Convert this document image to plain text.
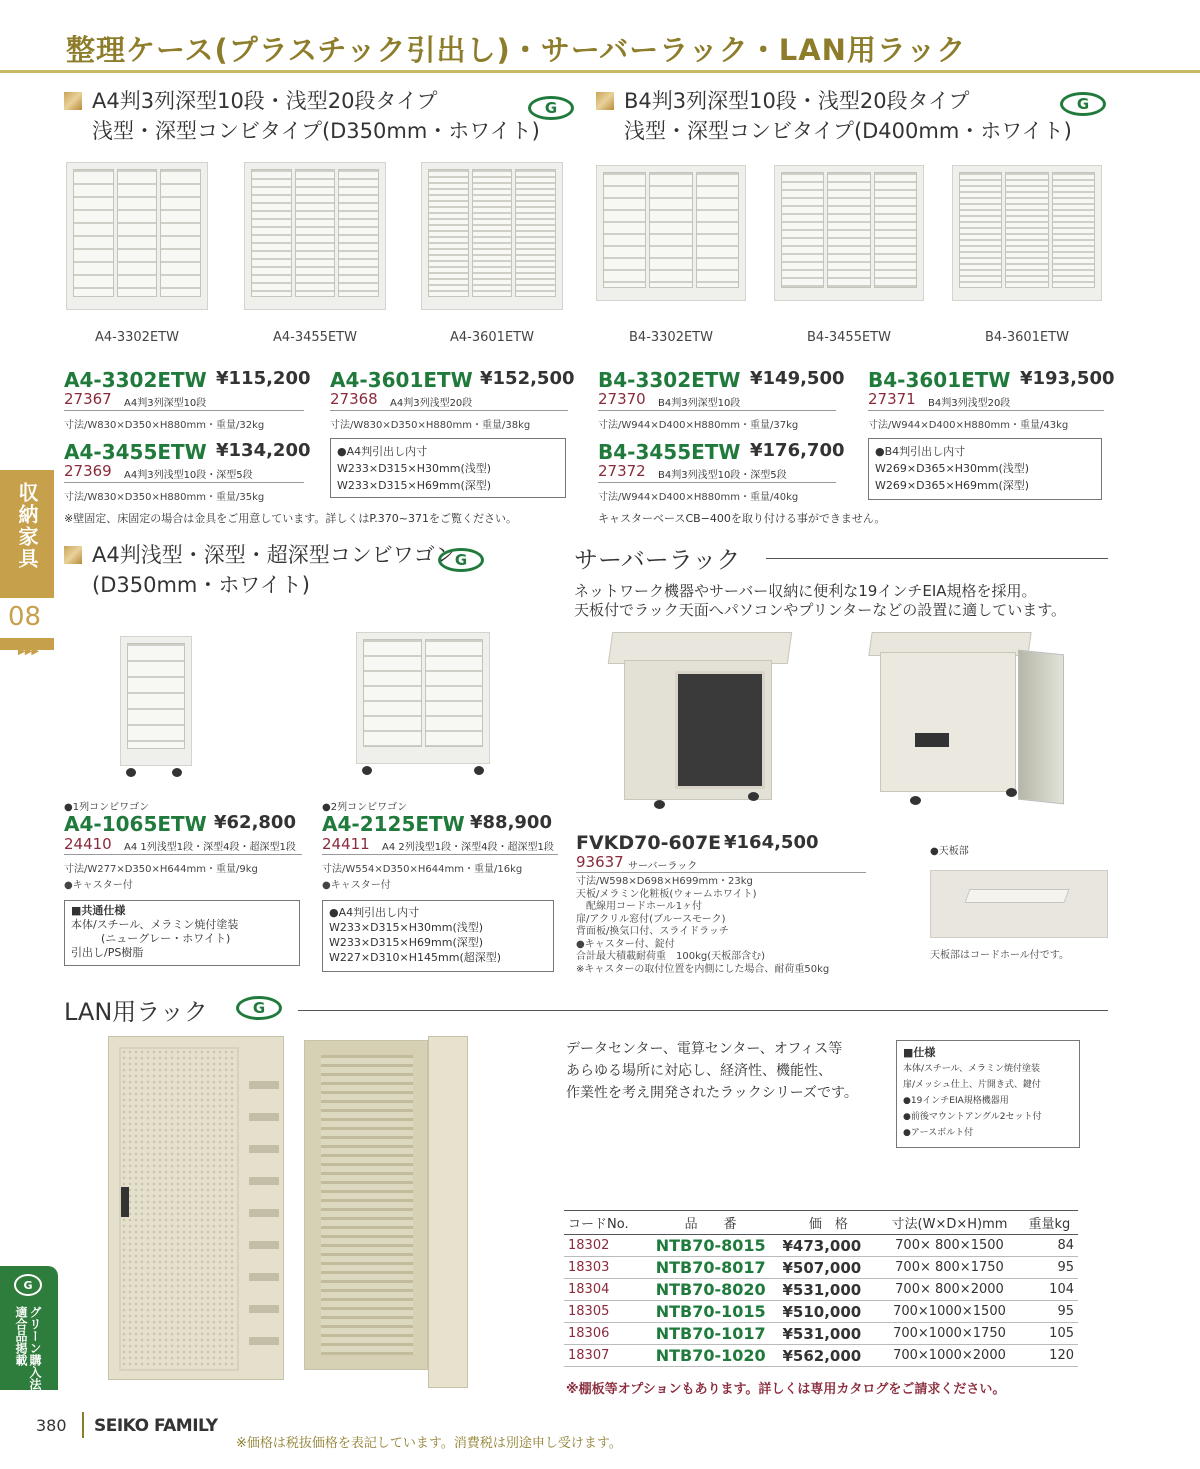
整理ケース(プラスチック引出し)・サーバーラック・LAN用ラック
A4判3列深型10段・浅型20段タイプ
浅型・深型コンビタイプ(D350mm・ホワイト)
G	B4判3列深型10段・浅型20段タイプ
浅型・深型コンビタイプ(D400mm・ホワイト)
G
A4-3302ETW	A4-3455ETW	A4-3601ETW	B4-3302ETW	B4-3455ETW	B4-3601ETW
A4-3302ETW ¥115,200
27367 A4判3列深型10段
寸法/W830×D350×H880mm・重量/32kg
A4-3455ETW ¥134,200
27369 A4判3列浅型10段・深型5段
寸法/W830×D350×H880mm・重量/35kg
A4-3601ETW ¥152,500
27368 A4判3列浅型20段
寸法/W830×D350×H880mm・重量/38kg
●A4判引出し内寸
W233×D315×H30mm(浅型)
W233×D315×H69mm(深型)
※壁固定、床固定の場合は金具をご用意しています。詳しくはP.370~371をご覧ください。
B4-3302ETW ¥149,500
27370 B4判3列深型10段
寸法/W944×D400×H880mm・重量/37kg
B4-3455ETW ¥176,700
27372 B4判3列浅型10段・深型5段
寸法/W944×D400×H880mm・重量/40kg
B4-3601ETW ¥193,500
27371 B4判3列浅型20段
寸法/W944×D400×H880mm・重量/43kg
●B4判引出し内寸
W269×D365×H30mm(浅型)
W269×D365×H69mm(深型)
キャスターベースCB−400を取り付ける事ができません。
収納家具
08
▶▶▶
A4判浅型・深型・超深型コンビワゴン
(D350mm・ホワイト)
G
●1列コンビワゴン
A4-1065ETW ¥62,800
24410 A4 1列浅型1段・深型4段・超深型1段
寸法/W277×D350×H644mm・重量/9kg
●キャスター付
●2列コンビワゴン
A4-2125ETW ¥88,900
24411 A4 2列浅型1段・深型4段・超深型1段
寸法/W554×D350×H644mm・重量/16kg
●キャスター付
■共通仕様
本体/スチール、メラミン焼付塗装
(ニューグレー・ホワイト)
引出し/PS樹脂
●A4判引出し内寸
W233×D315×H30mm(浅型)
W233×D315×H69mm(深型)
W227×D310×H145mm(超深型)
サーバーラック
ネットワーク機器やサーバー収納に便利な19インチEIA規格を採用。
天板付でラック天面へパソコンやプリンターなどの設置に適しています。
FVKD70-607E ¥164,500
93637 サーバーラック
寸法/W598×D698×H699mm・23kg
天板/メラミン化粧板(ウォームホワイト)
　配線用コードホール1ヶ付
扉/アクリル窓付(ブルースモーク)
背面板/換気口付、スライドラッチ
●キャスター付、錠付
合計最大積載耐荷重　100kg(天板部含む)
※キャスターの取付位置を内側にした場合、耐荷重50kg
●天板部
天板部はコードホール付です。
LAN用ラック	G
データセンター、電算センター、オフィス等
あらゆる場所に対応し、経済性、機能性、
作業性を考え開発されたラックシリーズです。
■仕様
本体/スチール、メラミン焼付塗装
扉/メッシュ仕上、片開き式、鍵付
●19インチEIA規格機器用
●前後マウントアングル2セット付
●アースボルト付
コードNo.	品　　番	価　格	寸法(W×D×H)mm	重量kg
18302	NTB70-8015	¥473,000	700× 800×1500	84
18303	NTB70-8017	¥507,000	700× 800×1750	95
18304	NTB70-8020	¥531,000	700× 800×2000	104
18305	NTB70-1015	¥510,000	700×1000×1500	95
18306	NTB70-1017	¥531,000	700×1000×1750	105
18307	NTB70-1020	¥562,000	700×1000×2000	120
※棚板等オプションもあります。詳しくは専用カタログをご請求ください。
G
グリーン購入法適合品掲載
380 SEIKO FAMILY
※価格は税抜価格を表記しています。消費税は別途申し受けます。
